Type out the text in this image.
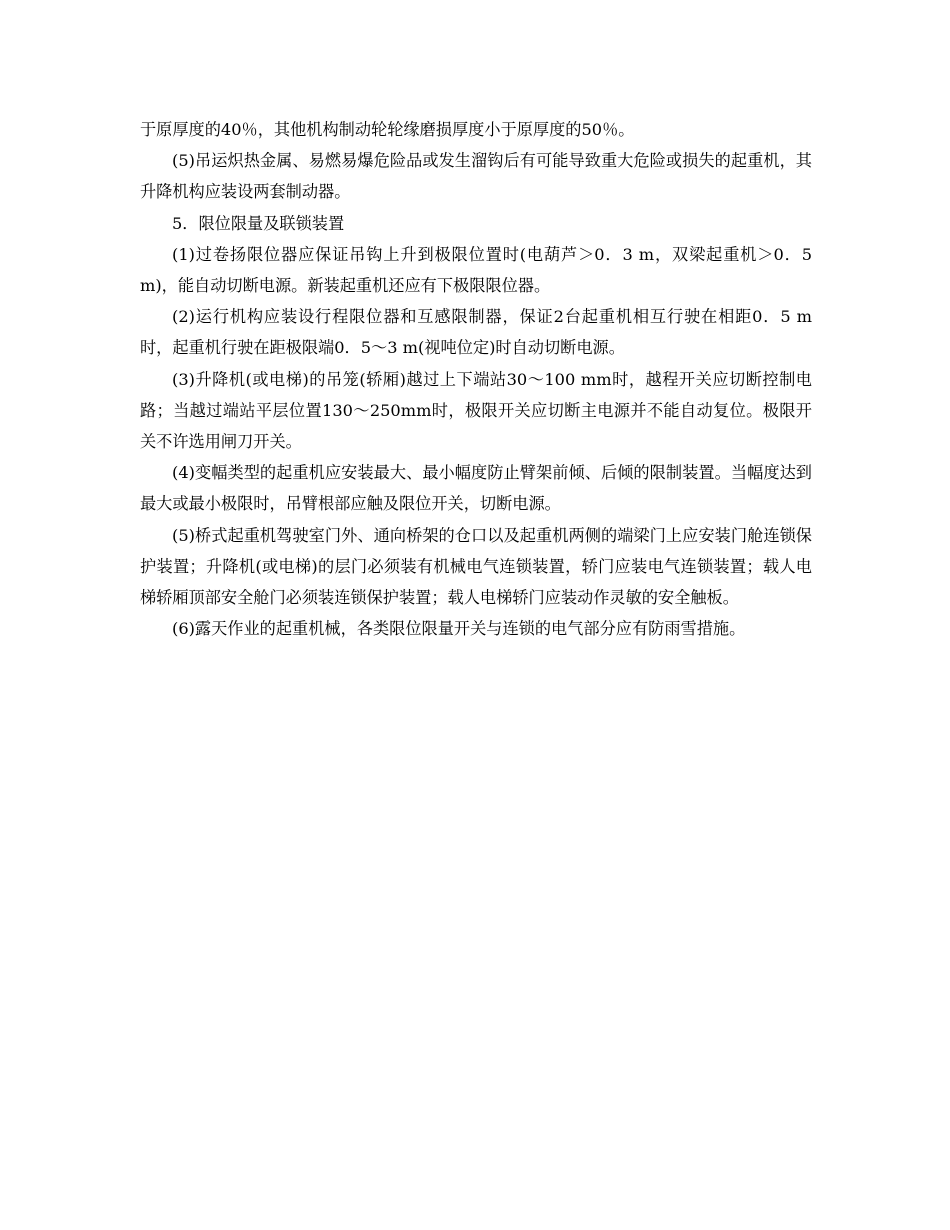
于原厚度的40％，其他机构制动轮轮缘磨损厚度小于原厚度的50％。

(5)吊运炽热金属、易燃易爆危险品或发生溜钩后有可能导致重大危险或损失的起重机，其升降机构应装设两套制动器。

5．限位限量及联锁装置

(1)过卷扬限位器应保证吊钩上升到极限位置时(电葫芦＞0．3 m，双梁起重机＞0．5 m)，能自动切断电源。新装起重机还应有下极限限位器。

(2)运行机构应装设行程限位器和互感限制器，保证2台起重机相互行驶在相距0．5 m时，起重机行驶在距极限端0．5～3 m(视吨位定)时自动切断电源。

(3)升降机(或电梯)的吊笼(轿厢)越过上下端站30～100 mm时，越程开关应切断控制电路；当越过端站平层位置130～250mm时，极限开关应切断主电源并不能自动复位。极限开关不许选用闸刀开关。

(4)变幅类型的起重机应安装最大、最小幅度防止臂架前倾、后倾的限制装置。当幅度达到最大或最小极限时，吊臂根部应触及限位开关，切断电源。

(5)桥式起重机驾驶室门外、通向桥架的仓口以及起重机两侧的端梁门上应安装门舱连锁保护装置；升降机(或电梯)的层门必须装有机械电气连锁装置，轿门应装电气连锁装置；载人电梯轿厢顶部安全舱门必须装连锁保护装置；载人电梯轿门应装动作灵敏的安全触板。

(6)露天作业的起重机械，各类限位限量开关与连锁的电气部分应有防雨雪措施。
